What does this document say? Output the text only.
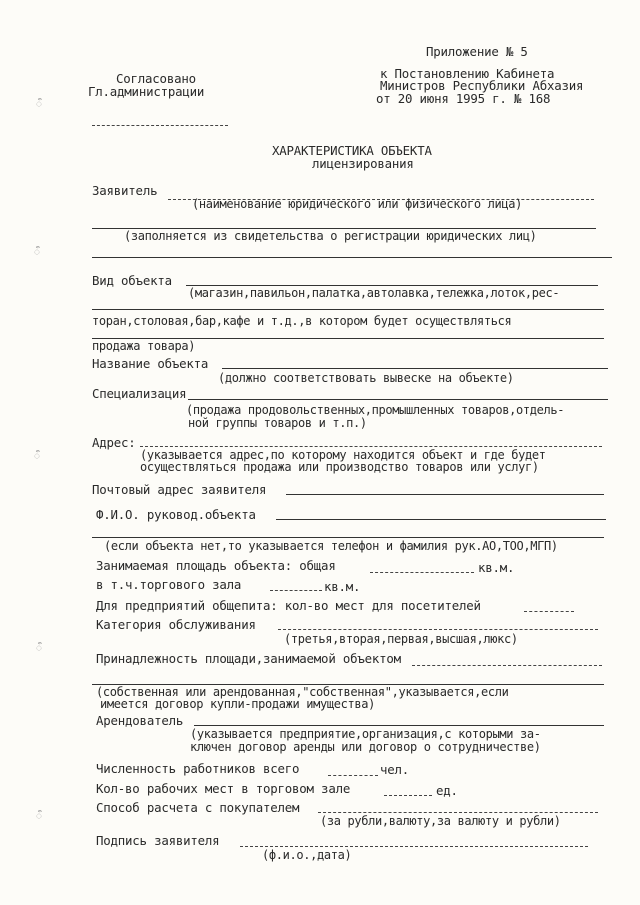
ऀ
ऀ
ऀ
ऀ
ऀ
Приложение № 5
к Постановлению Кабинета
Министров Республики Абхазия
от 20 июня 1995 г. № 168
Согласовано
Гл.администрации
ХАРАКТЕРИСТИКА ОБЪЕКТА
лицензирования
Заявитель
(наименование юридического или физического лица)
(заполняется из свидетельства о регистрации юридических лиц)
Вид объекта
(магазин,павильон,палатка,автолавка,тележка,лоток,рес-
торан,столовая,бар,кафе и т.д.,в котором будет осуществляться
продажа товара)
Название объекта
(должно соответствовать вывеске на объекте)
Специализация
(продажа продовольственных,промышленных товаров,отдель-
ной группы товаров и т.п.)
Адрес:
(указывается адрес,по которому находится объект и где будет
осуществляться продажа или производство товаров или услуг)
Почтовый адрес заявителя
Ф.И.О. руковод.объекта
(если объекта нет,то указывается телефон и фамилия рук.АО,ТОО,МГП)
Занимаемая площадь объекта: общая	кв.м.
в т.ч.торгового зала	кв.м.
Для предприятий общепита: кол-во мест для посетителей
Категория обслуживания
(третья,вторая,первая,высшая,люкс)
Принадлежность площади,занимаемой объектом
(собственная или арендованная,"собственная",указывается,если
имеется договор купли-продажи имущества)
Арендователь
(указывается предприятие,организация,с которыми за-
ключен договор аренды или договор о сотрудничестве)
Численность работников всего	чел.
Кол-во рабочих мест в торговом зале	ед.
Способ расчета с покупателем
(за рубли,валюту,за валюту и рубли)
Подпись заявителя
(ф.и.о.,дата)
